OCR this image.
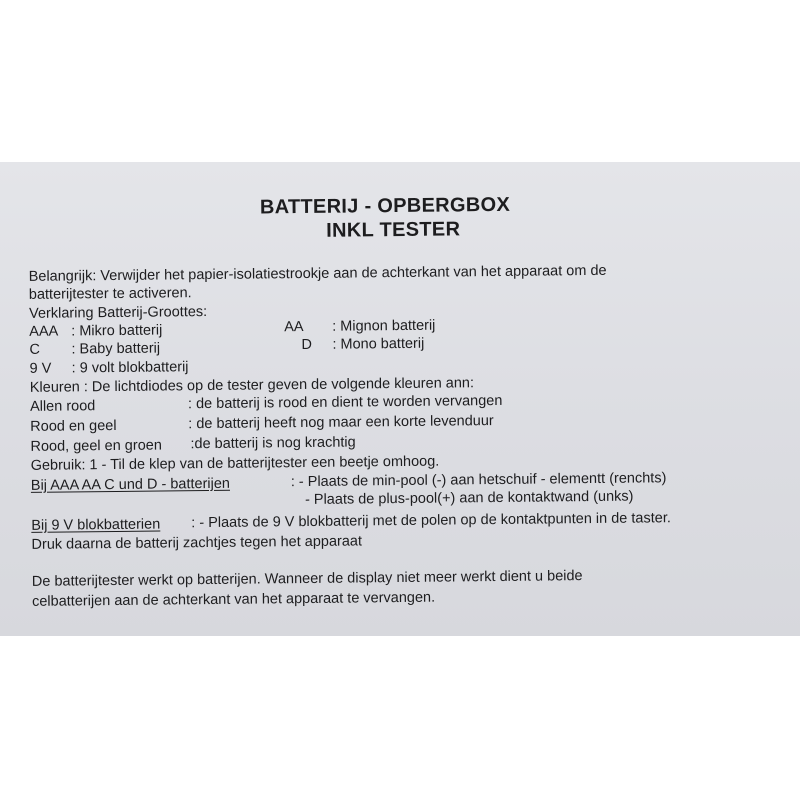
BATTERIJ - OPBERGBOX
INKL TESTER
Belangrijk: Verwijder het papier-isolatiestrookje aan de achterkant van het apparaat om de
batterijtester te activeren.
Verklaring Batterij-Groottes:
AAA : Mikro batterij	AA : Mignon batterij
C : Baby batterij	D : Mono batterij
9 V : 9 volt blokbatterij
Kleuren : De lichtdiodes op de tester geven de volgende kleuren ann:
Allen rood	: de batterij is rood en dient te worden vervangen
Rood en geel	: de batterij heeft nog maar een korte levenduur
Rood, geel en groen :de batterij is nog krachtig
Gebruik: 1 - Til de klep van de batterijtester een beetje omhoog.
Bij AAA AA C und D - batterijen	: - Plaats de min-pool (-) aan hetschuif - elementt (renchts)
- Plaats de plus-pool(+) aan de kontaktwand (unks)
Bij 9 V blokbatterien : - Plaats de 9 V blokbatterij met de polen op de kontaktpunten in de taster.
Druk daarna de batterij zachtjes tegen het apparaat
De batterijtester werkt op batterijen. Wanneer de display niet meer werkt dient u beide
celbatterijen aan de achterkant van het apparaat te vervangen.
